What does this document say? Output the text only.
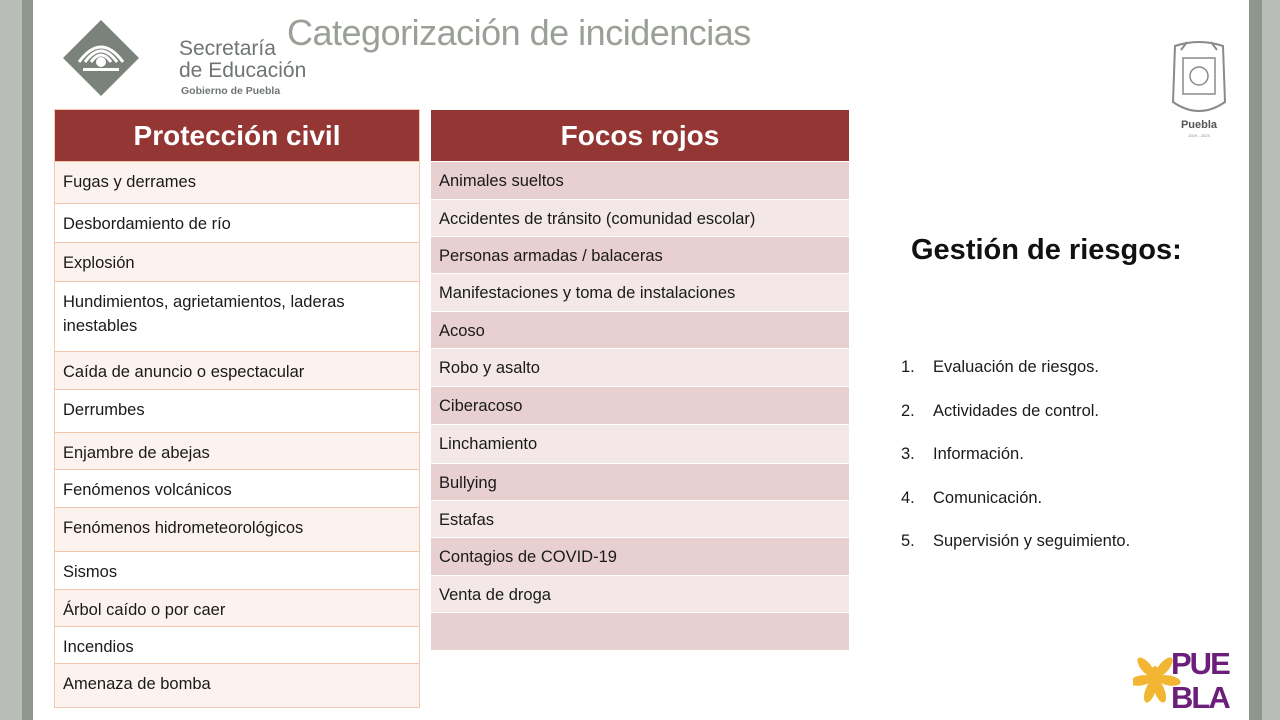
Secretaría
de Educación
Gobierno de Puebla
Categorización de incidencias
Puebla
2019 - 2024
Protección civil
Fugas y derrames
Desbordamiento de río
Explosión
Hundimientos, agrietamientos, laderas inestables
Caída de anuncio o espectacular
Derrumbes
Enjambre de abejas
Fenómenos volcánicos
Fenómenos hidrometeorológicos
Sismos
Árbol caído o por caer
Incendios
Amenaza de bomba
Focos rojos
Animales sueltos
Accidentes de tránsito (comunidad escolar)
Personas armadas / balaceras
Manifestaciones y toma de instalaciones
Acoso
Robo y asalto
Ciberacoso
Linchamiento
Bullying
Estafas
Contagios de COVID-19
Venta de droga
Gestión de riesgos:
1. Evaluación de riesgos.
2. Actividades de control.
3. Información.
4. Comunicación.
5. Supervisión y seguimiento.
PUE
BLA
